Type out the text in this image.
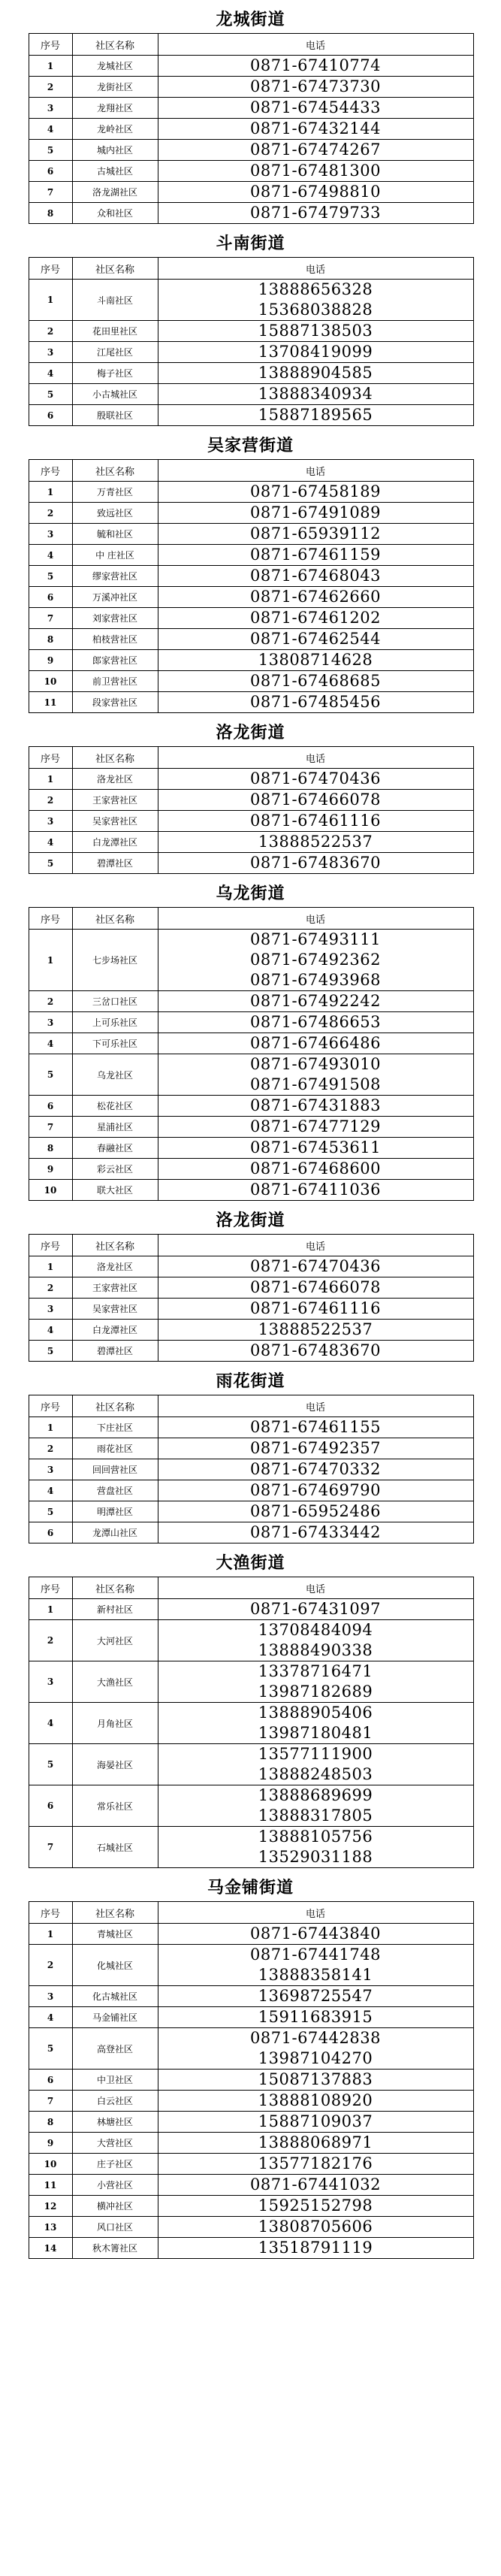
龙城街道
序号	社区名称	电话
1	龙城社区	0871-67410774

2	龙街社区	0871-67473730

3	龙翔社区	0871-67454433

4	龙岭社区	0871-67432144

5	城内社区	0871-67474267

6	古城社区	0871-67481300

7	洛龙湖社区	0871-67498810

8	众和社区	0871-67479733
斗南街道
序号	社区名称	电话
1	斗南社区	13888656328
15368038828

2	花田里社区	15887138503

3	江尾社区	13708419099

4	梅子社区	13888904585

5	小古城社区	13888340934

6	殷联社区	15887189565
吴家营街道
序号	社区名称	电话
1	万青社区	0871-67458189

2	致远社区	0871-67491089

3	毓和社区	0871-65939112

4	中 庄社区	0871-67461159

5	缪家营社区	0871-67468043

6	万溪冲社区	0871-67462660

7	刘家营社区	0871-67461202

8	柏枝营社区	0871-67462544

9	郎家营社区	13808714628

10	前卫营社区	0871-67468685

11	段家营社区	0871-67485456
洛龙街道
序号	社区名称	电话
1	洛龙社区	0871-67470436

2	王家营社区	0871-67466078

3	吴家营社区	0871-67461116

4	白龙潭社区	13888522537

5	碧潭社区	0871-67483670
乌龙街道
序号	社区名称	电话
1	七步场社区	0871-67493111
0871-67492362
0871-67493968

2	三岔口社区	0871-67492242

3	上可乐社区	0871-67486653

4	下可乐社区	0871-67466486

5	乌龙社区	0871-67493010
0871-67491508

6	松花社区	0871-67431883

7	星浦社区	0871-67477129

8	春融社区	0871-67453611

9	彩云社区	0871-67468600

10	联大社区	0871-67411036
洛龙街道
序号	社区名称	电话
1	洛龙社区	0871-67470436

2	王家营社区	0871-67466078

3	吴家营社区	0871-67461116

4	白龙潭社区	13888522537

5	碧潭社区	0871-67483670
雨花街道
序号	社区名称	电话
1	下庄社区	0871-67461155

2	雨花社区	0871-67492357

3	回回营社区	0871-67470332

4	营盘社区	0871-67469790

5	明潭社区	0871-65952486

6	龙潭山社区	0871-67433442
大渔街道
序号	社区名称	电话
1	新村社区	0871-67431097

2	大河社区	13708484094
13888490338

3	大渔社区	13378716471
13987182689

4	月角社区	13888905406
13987180481

5	海晏社区	13577111900
13888248503

6	常乐社区	13888689699
13888317805

7	石城社区	13888105756
13529031188
马金铺街道
序号	社区名称	电话
1	青城社区	0871-67443840

2	化城社区	0871-67441748
13888358141

3	化古城社区	13698725547

4	马金铺社区	15911683915

5	高登社区	0871-67442838
13987104270

6	中卫社区	15087137883

7	白云社区	13888108920

8	林塘社区	15887109037

9	大营社区	13888068971

10	庄子社区	13577182176

11	小营社区	0871-67441032

12	横冲社区	15925152798

13	风口社区	13808705606

14	秋木箐社区	13518791119
